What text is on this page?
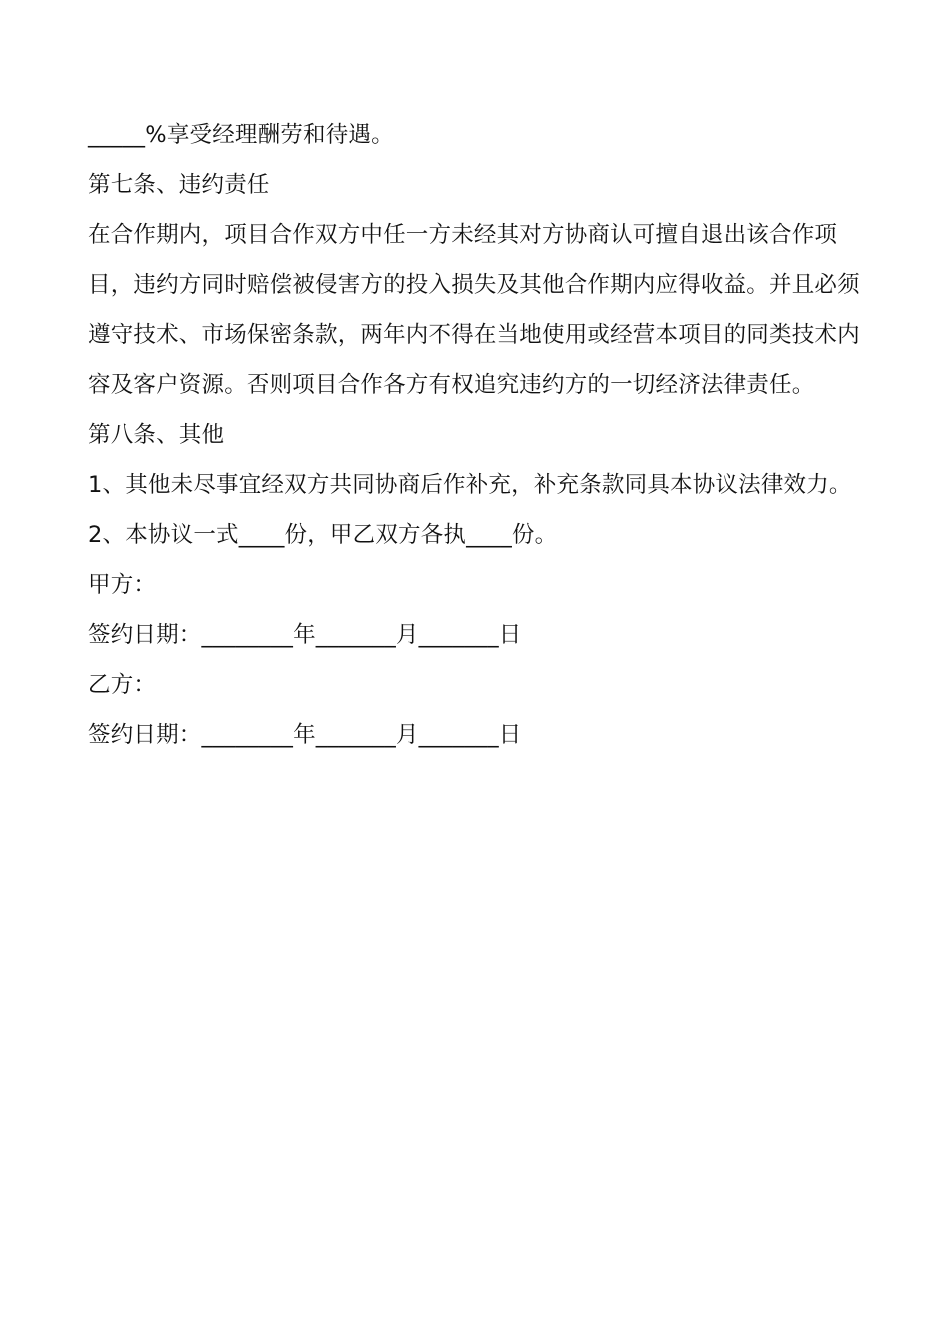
_____%享受经理酬劳和待遇。
第七条、违约责任
在合作期内，项目合作双方中任一方未经其对方协商认可擅自退出该合作项目，违约方同时赔偿被侵害方的投入损失及其他合作期内应得收益。并且必须遵守技术、市场保密条款，两年内不得在当地使用或经营本项目的同类技术内容及客户资源。否则项目合作各方有权追究违约方的一切经济法律责任。
第八条、其他
1、其他未尽事宜经双方共同协商后作补充，补充条款同具本协议法律效力。
2、本协议一式____份，甲乙双方各执____份。
甲方：
签约日期：________年_______月_______日
乙方：
签约日期：________年_______月_______日
